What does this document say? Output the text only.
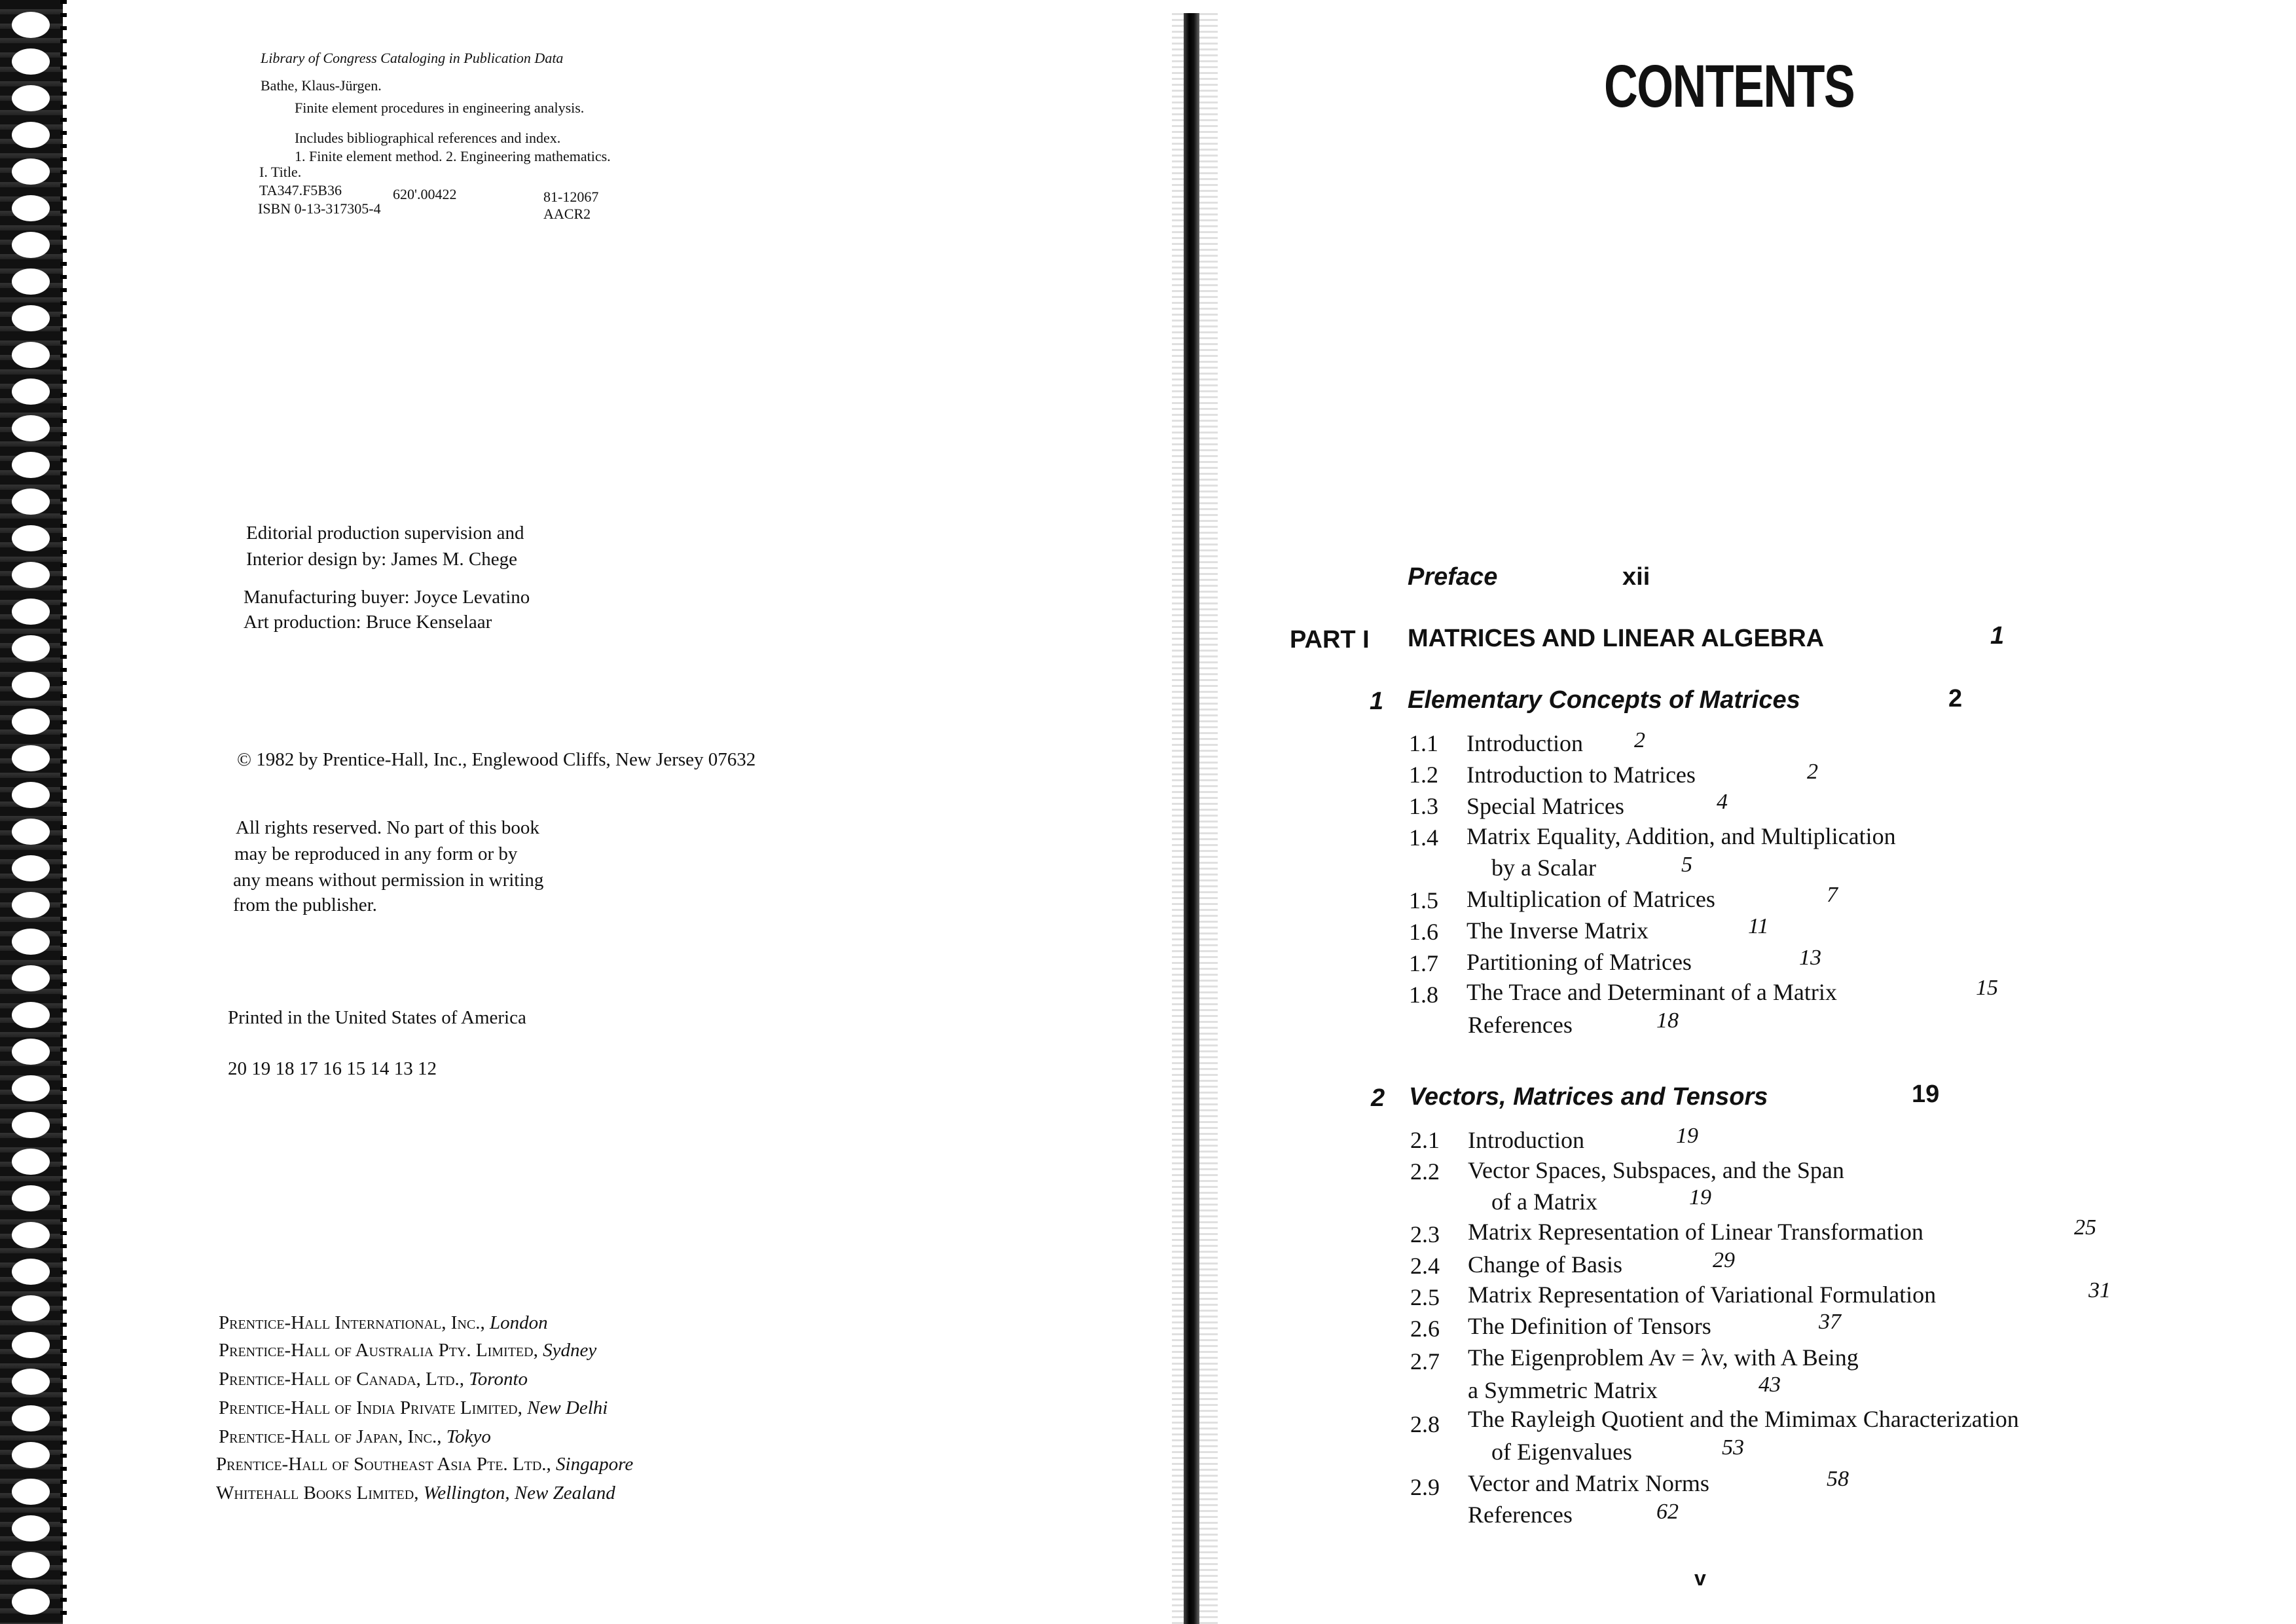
Library of Congress Cataloging in Publication Data
Bathe, Klaus-Jürgen.
Finite element procedures in engineering analysis.
Includes bibliographical references and index.
1. Finite element method. 2. Engineering mathematics.
I. Title.
TA347.F5B36	620'.00422	81-12067
ISBN 0-13-317305-4	AACR2
Editorial production supervision and
Interior design by: James M. Chege
Manufacturing buyer: Joyce Levatino
Art production: Bruce Kenselaar
© 1982 by Prentice-Hall, Inc., Englewood Cliffs, New Jersey 07632
All rights reserved. No part of this book
may be reproduced in any form or by
any means without permission in writing
from the publisher.
Printed in the United States of America
20 19 18 17 16 15 14 13 12
Prentice-Hall International, Inc., London
Prentice-Hall of Australia Pty. Limited, Sydney
Prentice-Hall of Canada, Ltd., Toronto
Prentice-Hall of India Private Limited, New Delhi
Prentice-Hall of Japan, Inc., Tokyo
Prentice-Hall of Southeast Asia Pte. Ltd., Singapore
Whitehall Books Limited, Wellington, New Zealand
CONTENTS
Preface	xii
PART I MATRICES AND LINEAR ALGEBRA	1
1 Elementary Concepts of Matrices	2
1.1 Introduction 2
1.2 Introduction to Matrices	2
1.3 Special Matrices	4
1.4 Matrix Equality, Addition, and Multiplication
by a Scalar	5
1.5 Multiplication of Matrices	7
1.6 The Inverse Matrix	11
1.7 Partitioning of Matrices	13
1.8 The Trace and Determinant of a Matrix	15
References	18
2 Vectors, Matrices and Tensors	19
2.1 Introduction	19
2.2 Vector Spaces, Subspaces, and the Span
of a Matrix	19
2.3 Matrix Representation of Linear Transformation	25
2.4 Change of Basis	29
2.5 Matrix Representation of Variational Formulation	31
2.6 The Definition of Tensors	37
2.7 The Eigenproblem Av = λv, with A Being
a Symmetric Matrix	43
2.8 The Rayleigh Quotient and the Mimimax Characterization
of Eigenvalues	53
2.9 Vector and Matrix Norms	58
References	62
v
